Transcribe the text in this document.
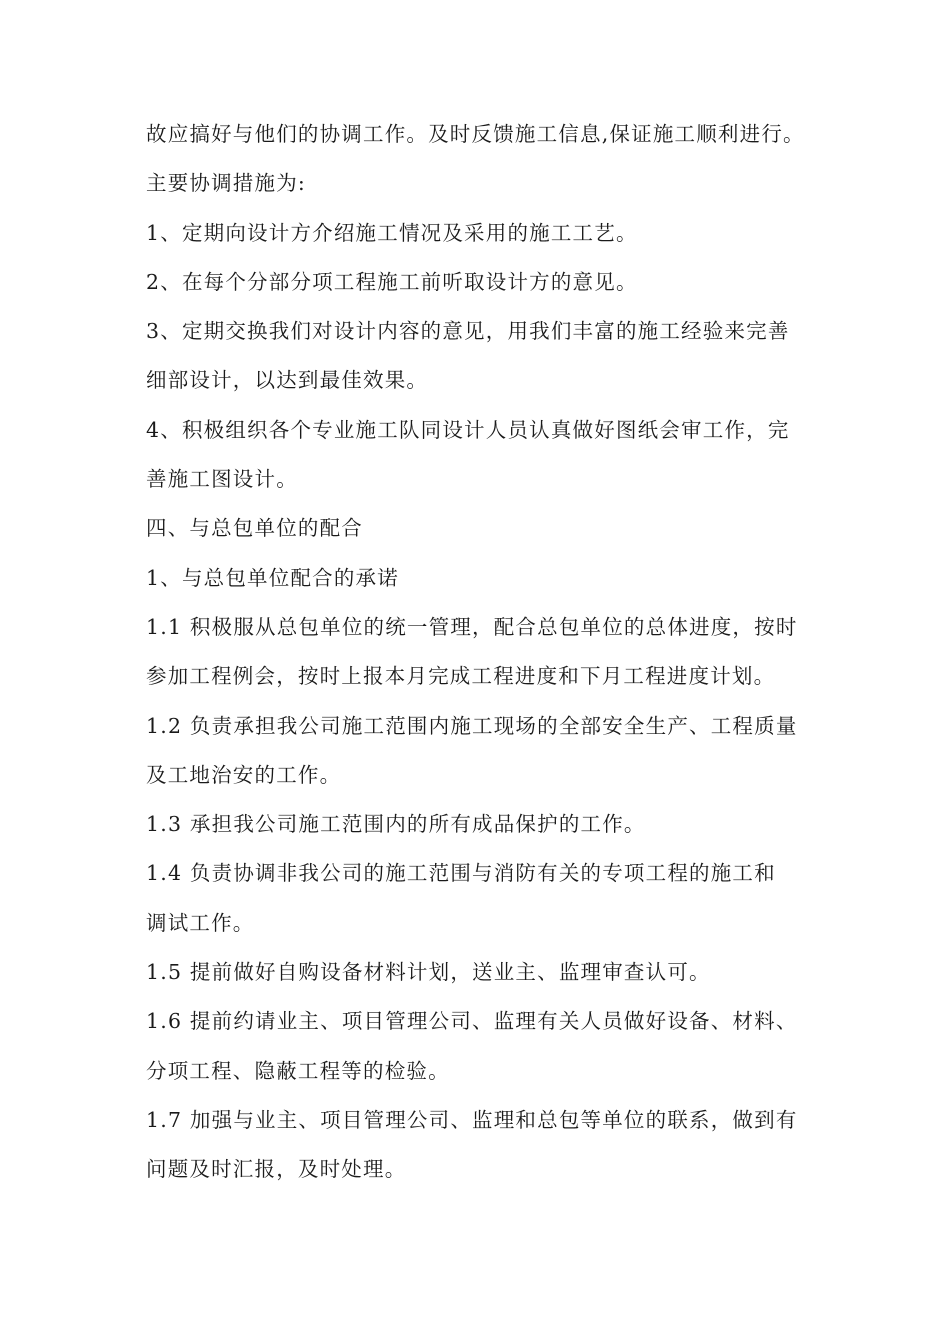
故应搞好与他们的协调工作。及时反馈施工信息,保证施工顺利进行。
主要协调措施为:
1、定期向设计方介绍施工情况及采用的施工工艺。
2、在每个分部分项工程施工前听取设计方的意见。
3、定期交换我们对设计内容的意见，用我们丰富的施工经验来完善
细部设计，以达到最佳效果。
4、积极组织各个专业施工队同设计人员认真做好图纸会审工作，完
善施工图设计。
四、与总包单位的配合
1、与总包单位配合的承诺
1.1 积极服从总包单位的统一管理，配合总包单位的总体进度，按时
参加工程例会，按时上报本月完成工程进度和下月工程进度计划。
1.2 负责承担我公司施工范围内施工现场的全部安全生产、工程质量
及工地治安的工作。
1.3 承担我公司施工范围内的所有成品保护的工作。
1.4 负责协调非我公司的施工范围与消防有关的专项工程的施工和
调试工作。
1.5 提前做好自购设备材料计划，送业主、监理审查认可。
1.6 提前约请业主、项目管理公司、监理有关人员做好设备、材料、
分项工程、隐蔽工程等的检验。
1.7 加强与业主、项目管理公司、监理和总包等单位的联系，做到有
问题及时汇报，及时处理。
